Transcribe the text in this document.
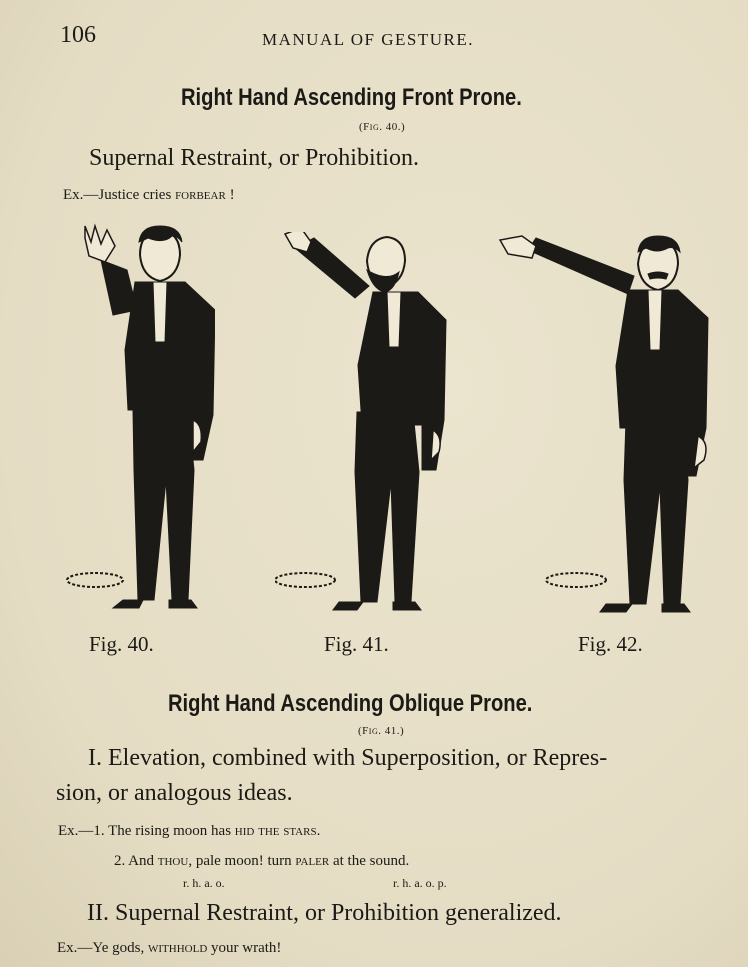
106	MANUAL OF GESTURE.
Right Hand Ascending Front Prone.
(Fig. 40.)
Supernal Restraint, or Prohibition.
Ex.—Justice cries forbear !
Fig. 40.	Fig. 41.	Fig. 42.
Right Hand Ascending Oblique Prone.
(Fig. 41.)
I. Elevation, combined with Superposition, or Repres-
sion, or analogous ideas.
Ex.—1. The rising moon has hid the stars.
2. And thou, pale moon! turn paler at the sound.
r. h. a. o.	r. h. a. o. p.
II. Supernal Restraint, or Prohibition generalized.
Ex.—Ye gods, withhold your wrath!
